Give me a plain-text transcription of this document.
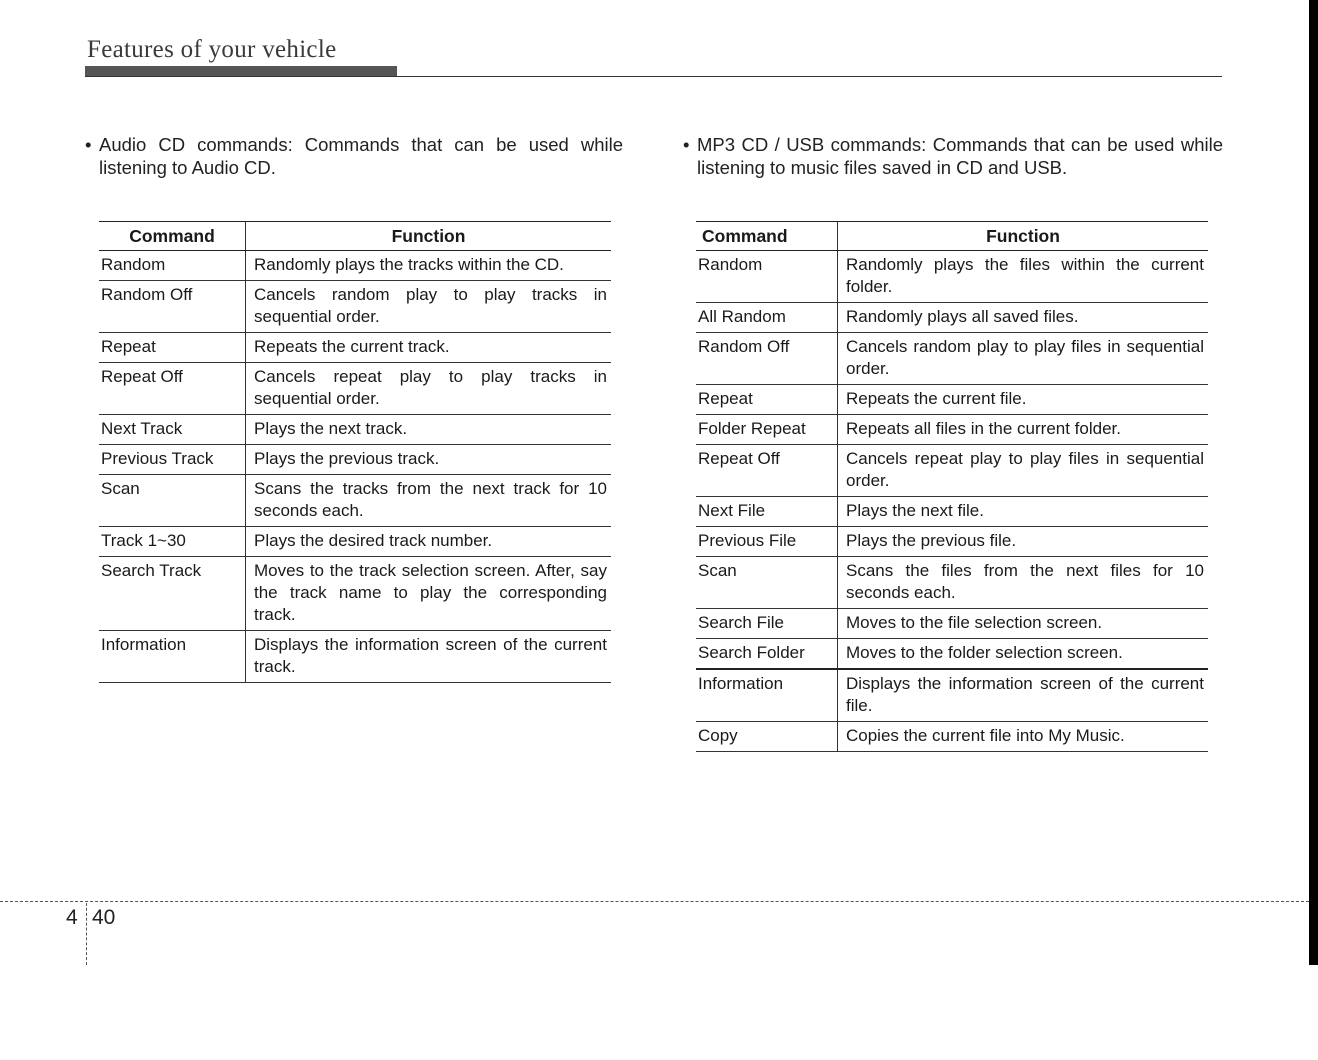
Features of your vehicle

• Audio CD commands: Commands that can be used while listening to Audio CD.

Command	Function
Random	Randomly plays the tracks within the CD.
Random Off	Cancels random play to play tracks in sequential order.
Repeat	Repeats the current track.
Repeat Off	Cancels repeat play to play tracks in sequential order.
Next Track	Plays the next track.
Previous Track	Plays the previous track.
Scan	Scans the tracks from the next track for 10 seconds each.
Track 1~30	Plays the desired track number.
Search Track	Moves to the track selection screen. After, say the track name to play the corresponding track.
Information	Displays the information screen of the current track.

• MP3 CD / USB commands: Commands that can be used while listening to music files saved in CD and USB.

Command	Function
Random	Randomly plays the files within the current folder.
All Random	Randomly plays all saved files.
Random Off	Cancels random play to play files in sequential order.
Repeat	Repeats the current file.
Folder Repeat	Repeats all files in the current folder.
Repeat Off	Cancels repeat play to play files in sequential order.
Next File	Plays the next file.
Previous File	Plays the previous file.
Scan	Scans the files from the next files for 10 seconds each.
Search File	Moves to the file selection screen.
Search Folder	Moves to the folder selection screen.
Information	Displays the information screen of the current file.
Copy	Copies the current file into My Music.
4 40
